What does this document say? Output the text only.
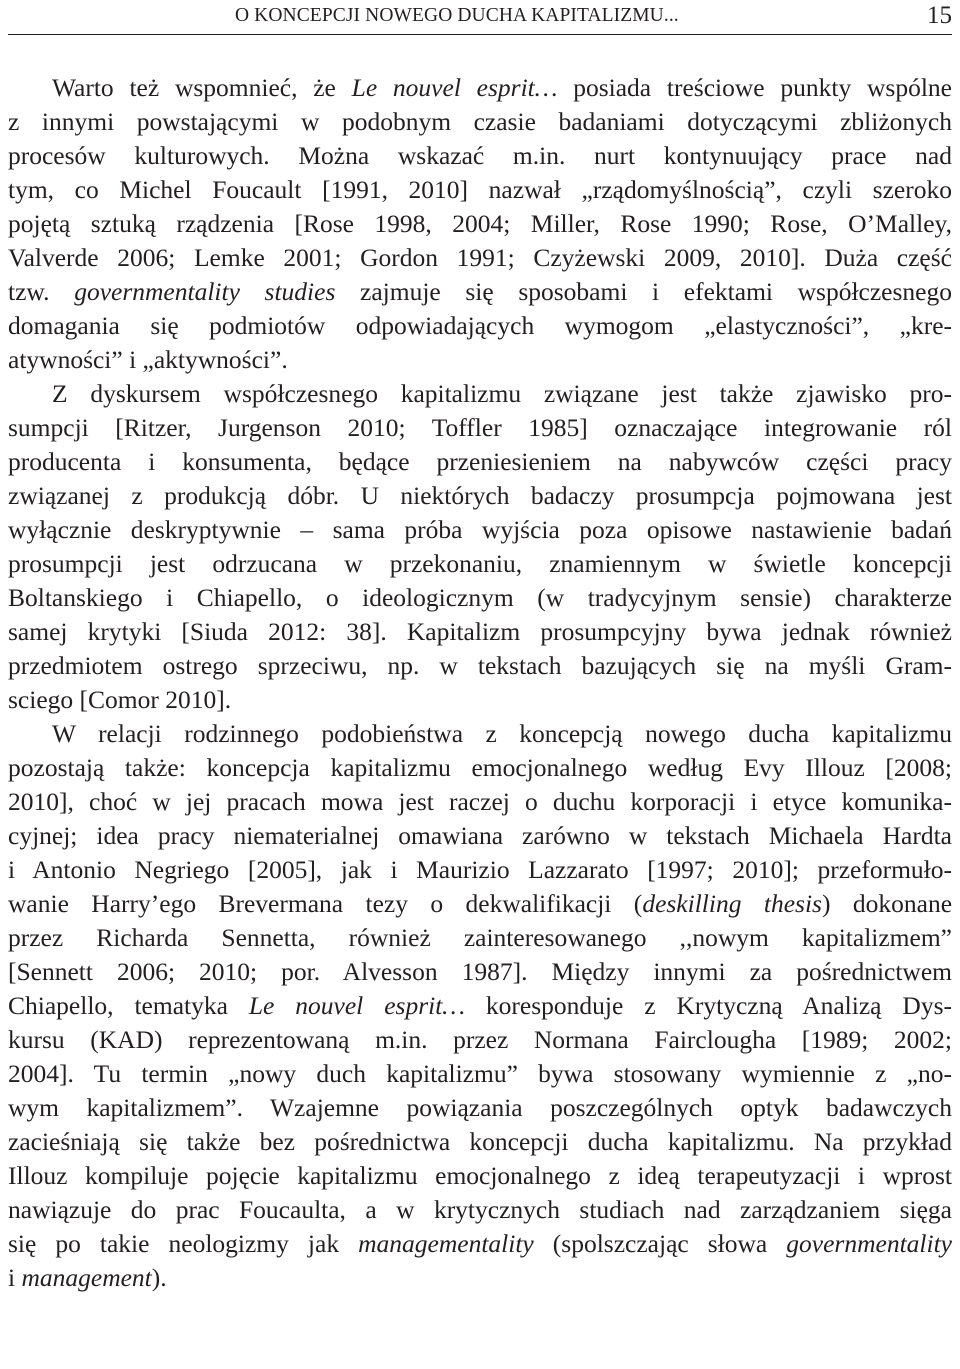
O KONCEPCJI NOWEGO DUCHA KAPITALIZMU...	15
Warto też wspomnieć, że Le nouvel esprit… posiada treściowe punkty wspólne
z innymi powstającymi w podobnym czasie badaniami dotyczącymi zbliżonych
procesów kulturowych. Można wskazać m.in. nurt kontynuujący prace nad
tym, co Michel Foucault [1991, 2010] nazwał „rządomyślnością”, czyli szeroko
pojętą sztuką rządzenia [Rose 1998, 2004; Miller, Rose 1990; Rose, O’Malley,
Valverde 2006; Lemke 2001; Gordon 1991; Czyżewski 2009, 2010]. Duża część
tzw. governmentality studies zajmuje się sposobami i efektami współczesnego
domagania się podmiotów odpowiadających wymogom „elastyczności”, „kre-
atywności” i „aktywności”.
Z dyskursem współczesnego kapitalizmu związane jest także zjawisko pro-
sumpcji [Ritzer, Jurgenson 2010; Toffler 1985] oznaczające integrowanie ról
producenta i konsumenta, będące przeniesieniem na nabywców części pracy
związanej z produkcją dóbr. U niektórych badaczy prosumpcja pojmowana jest
wyłącznie deskryptywnie – sama próba wyjścia poza opisowe nastawienie badań
prosumpcji jest odrzucana w przekonaniu, znamiennym w świetle koncepcji
Boltanskiego i Chiapello, o ideologicznym (w tradycyjnym sensie) charakterze
samej krytyki [Siuda 2012: 38]. Kapitalizm prosumpcyjny bywa jednak również
przedmiotem ostrego sprzeciwu, np. w tekstach bazujących się na myśli Gram-
sciego [Comor 2010].
W relacji rodzinnego podobieństwa z koncepcją nowego ducha kapitalizmu
pozostają także: koncepcja kapitalizmu emocjonalnego według Evy Illouz [2008;
2010], choć w jej pracach mowa jest raczej o duchu korporacji i etyce komunika-
cyjnej; idea pracy niematerialnej omawiana zarówno w tekstach Michaela Hardta
i Antonio Negriego [2005], jak i Maurizio Lazzarato [1997; 2010]; przeformuło-
wanie Harry’ego Brevermana tezy o dekwalifikacji (deskilling thesis) dokonane
przez Richarda Sennetta, również zainteresowanego ,,nowym kapitalizmem”
[Sennett 2006; 2010; por. Alvesson 1987]. Między innymi za pośrednictwem
Chiapello, tematyka Le nouvel esprit… koresponduje z Krytyczną Analizą Dys-
kursu (KAD) reprezentowaną m.in. przez Normana Fairclougha [1989; 2002;
2004]. Tu termin „nowy duch kapitalizmu” bywa stosowany wymiennie z „no-
wym kapitalizmem”. Wzajemne powiązania poszczególnych optyk badawczych
zacieśniają się także bez pośrednictwa koncepcji ducha kapitalizmu. Na przykład
Illouz kompiluje pojęcie kapitalizmu emocjonalnego z ideą terapeutyzacji i wprost
nawiązuje do prac Foucaulta, a w krytycznych studiach nad zarządzaniem sięga
się po takie neologizmy jak managementality (spolszczając słowa governmentality
i management).
